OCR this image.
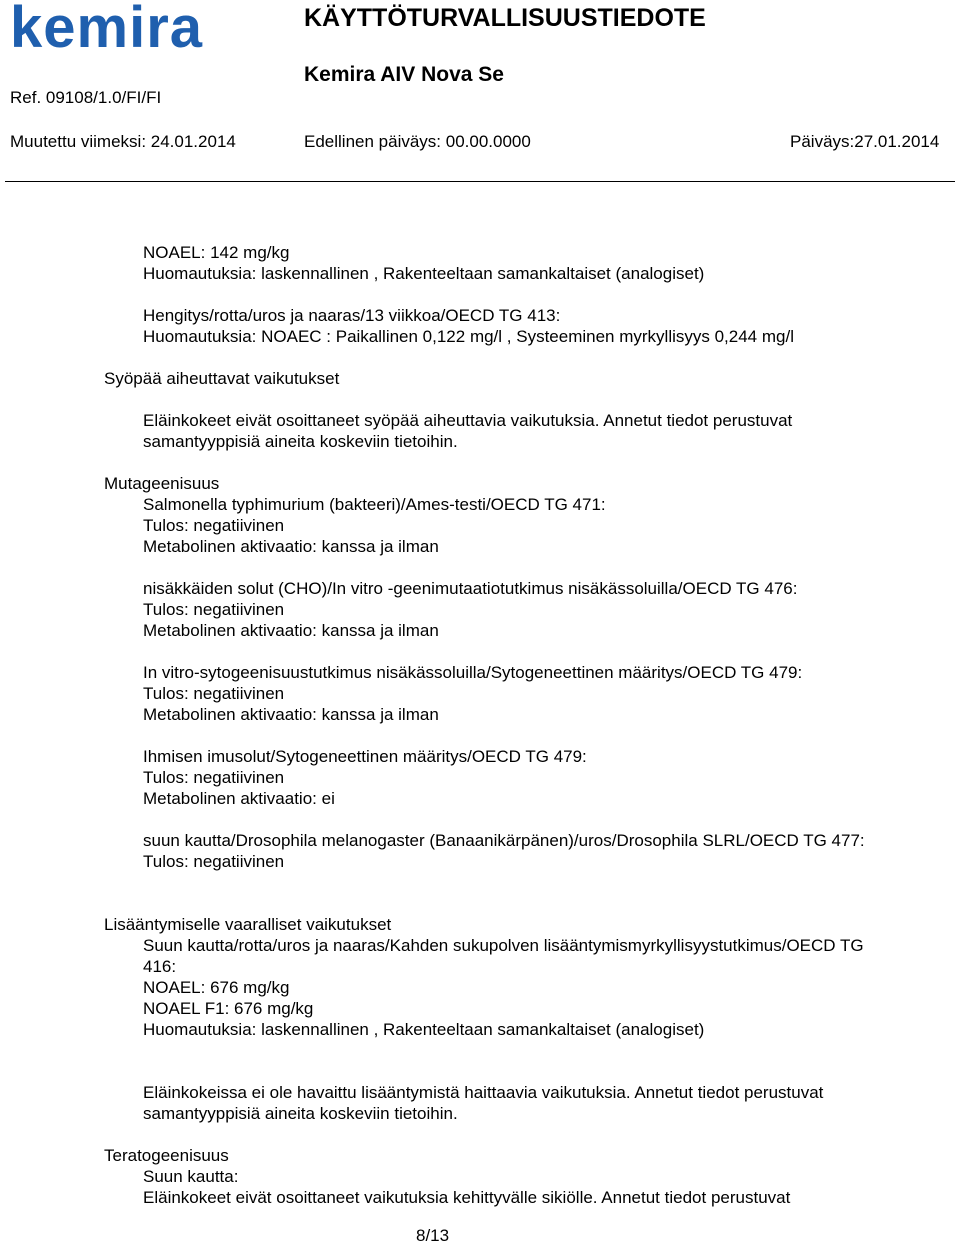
kemira	KÄYTTÖTURVALLISUUSTIEDOTE
Kemira AIV Nova Se
Ref. 09108/1.0/FI/FI
Muutettu viimeksi: 24.01.2014	Edellinen päiväys: 00.00.0000	Päiväys:27.01.2014
NOAEL: 142 mg/kg
Huomautuksia: laskennallinen , Rakenteeltaan samankaltaiset (analogiset)
Hengitys/rotta/uros ja naaras/13 viikkoa/OECD TG 413:
Huomautuksia: NOAEC : Paikallinen 0,122 mg/l , Systeeminen myrkyllisyys 0,244 mg/l
Syöpää aiheuttavat vaikutukset
Eläinkokeet eivät osoittaneet syöpää aiheuttavia vaikutuksia. Annetut tiedot perustuvat
samantyyppisiä aineita koskeviin tietoihin.
Mutageenisuus
Salmonella typhimurium (bakteeri)/Ames-testi/OECD TG 471:
Tulos: negatiivinen
Metabolinen aktivaatio: kanssa ja ilman
nisäkkäiden solut (CHO)/In vitro -geenimutaatiotutkimus nisäkässoluilla/OECD TG 476:
Tulos: negatiivinen
Metabolinen aktivaatio: kanssa ja ilman
In vitro-sytogeenisuustutkimus nisäkässoluilla/Sytogeneettinen määritys/OECD TG 479:
Tulos: negatiivinen
Metabolinen aktivaatio: kanssa ja ilman
Ihmisen imusolut/Sytogeneettinen määritys/OECD TG 479:
Tulos: negatiivinen
Metabolinen aktivaatio: ei
suun kautta/Drosophila melanogaster (Banaanikärpänen)/uros/Drosophila SLRL/OECD TG 477:
Tulos: negatiivinen
Lisääntymiselle vaaralliset vaikutukset
Suun kautta/rotta/uros ja naaras/Kahden sukupolven lisääntymismyrkyllisyystutkimus/OECD TG
416:
NOAEL: 676 mg/kg
NOAEL F1: 676 mg/kg
Huomautuksia: laskennallinen , Rakenteeltaan samankaltaiset (analogiset)
Eläinkokeissa ei ole havaittu lisääntymistä haittaavia vaikutuksia. Annetut tiedot perustuvat
samantyyppisiä aineita koskeviin tietoihin.
Teratogeenisuus
Suun kautta:
Eläinkokeet eivät osoittaneet vaikutuksia kehittyvälle sikiölle. Annetut tiedot perustuvat
8/13
